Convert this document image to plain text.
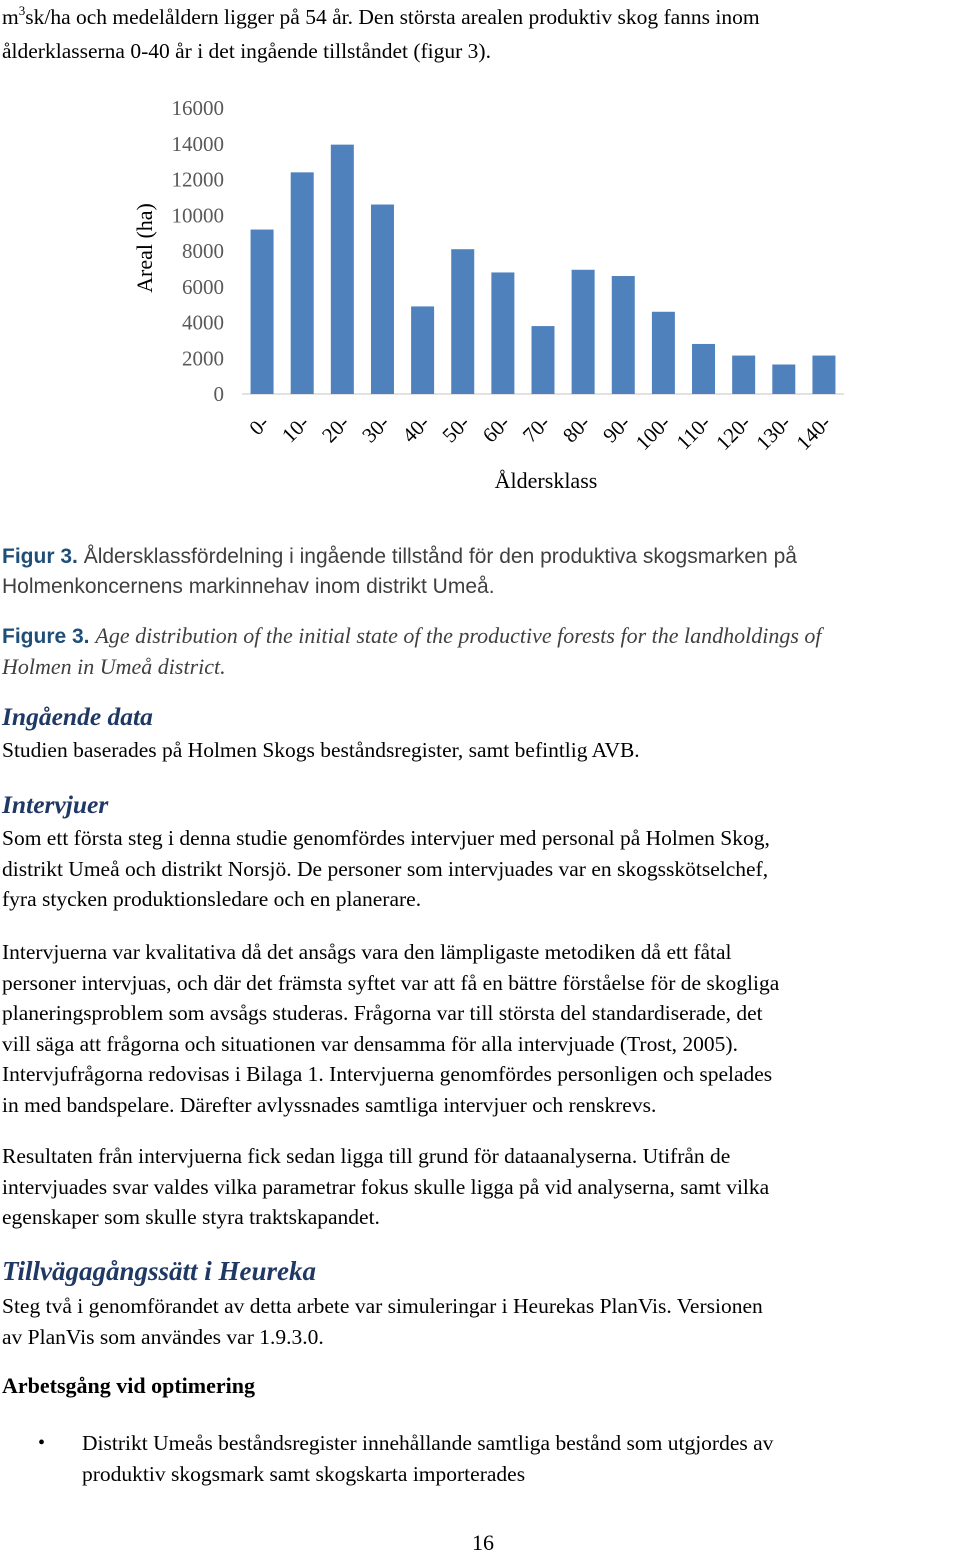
$m^3sk/ha$ och medelåldern ligger på 54 år. Den största arealen produktiv skog fanns inom
ålderklasserna 0-40 år i det ingående tillståndet (figur 3).
0
2000
4000
6000
8000
10000
12000
14000
16000
Areal (ha)
0- 10- 20- 30- 40- 50- 60- 70- 80- 90-
100-
110-
120-
130-
140-
Åldersklass
Figur 3. Åldersklassfördelning i ingående tillstånd för den produktiva skogsmarken på
Holmenkoncernens markinnehav inom distrikt Umeå.
Figure 3. Age distribution of the initial state of the productive forests for the landholdings of
Holmen in Umeå district.
Ingående data
Studien baserades på Holmen Skogs beståndsregister, samt befintlig AVB.
Intervjuer
Som ett första steg i denna studie genomfördes intervjuer med personal på Holmen Skog,
distrikt Umeå och distrikt Norsjö. De personer som intervjuades var en skogsskötselchef,
fyra stycken produktionsledare och en planerare.
Intervjuerna var kvalitativa då det ansågs vara den lämpligaste metodiken då ett fåtal
personer intervjuas, och där det främsta syftet var att få en bättre förståelse för de skogliga
planeringsproblem som avsågs studeras. Frågorna var till största del standardiserade, det
vill säga att frågorna och situationen var densamma för alla intervjuade (Trost, 2005).
Intervjufrågorna redovisas i Bilaga 1. Intervjuerna genomfördes personligen och spelades
in med bandspelare. Därefter avlyssnades samtliga intervjuer och renskrevs.
Resultaten från intervjuerna fick sedan ligga till grund för dataanalyserna. Utifrån de
intervjuades svar valdes vilka parametrar fokus skulle ligga på vid analyserna, samt vilka
egenskaper som skulle styra traktskapandet.
Tillvägagångssätt i Heureka
Steg två i genomförandet av detta arbete var simuleringar i Heurekas PlanVis. Versionen
av PlanVis som användes var 1.9.3.0.
Arbetsgång vid optimering
• Distrikt Umeås beståndsregister innehållande samtliga bestånd som utgjordes av
produktiv skogsmark samt skogskarta importerades
16
